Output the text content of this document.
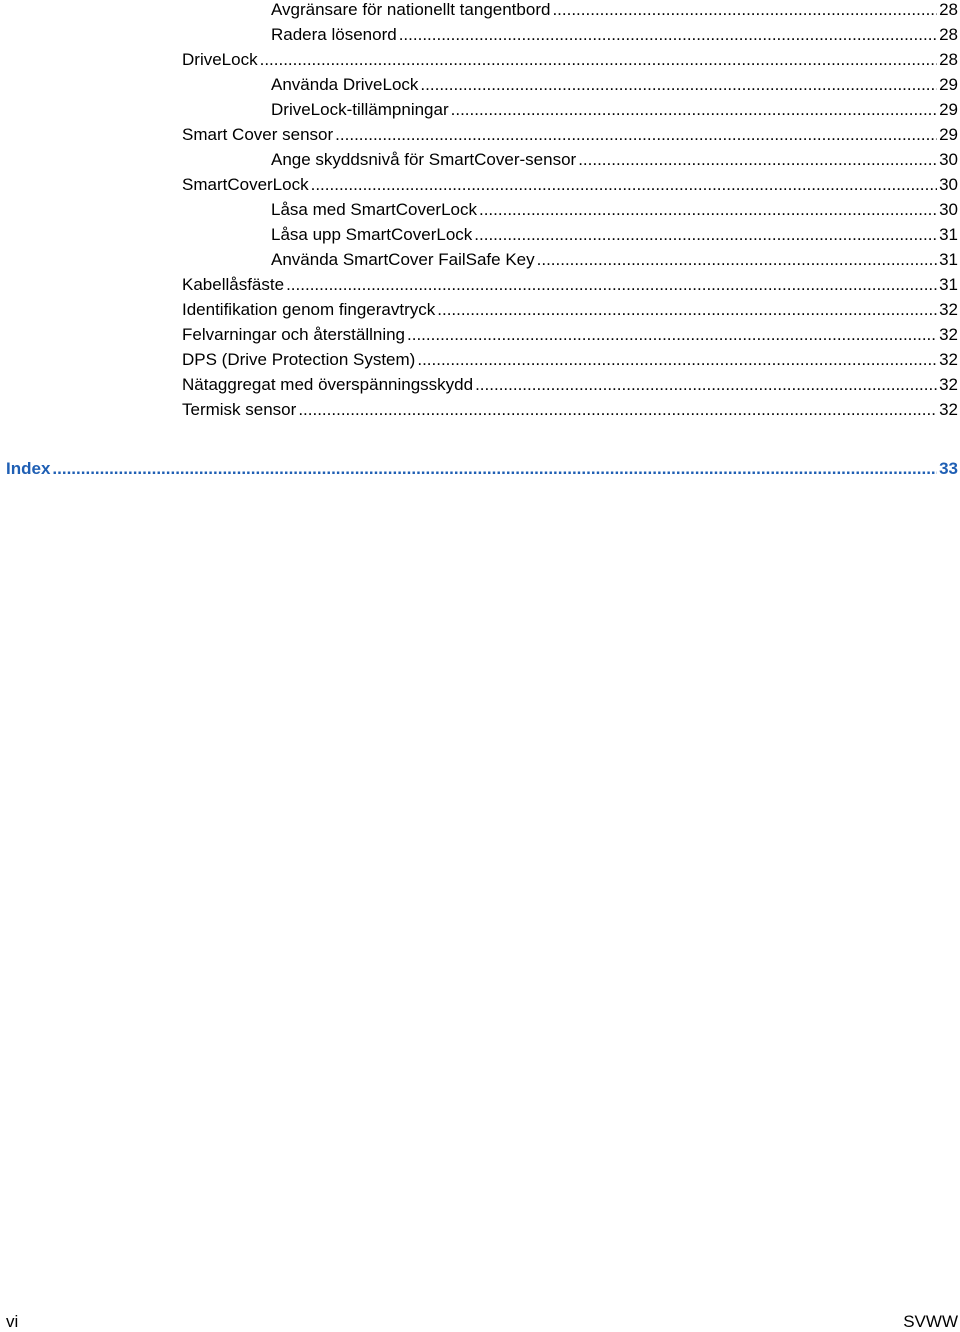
Avgränsare för nationellt tangentbord .....	28
Radera lösenord .....	28
DriveLock .....	28
Använda DriveLock .....	29
DriveLock-tillämpningar .....	29
Smart Cover sensor .....	29
Ange skyddsnivå för SmartCover-sensor .....	30
SmartCoverLock .....	30
Låsa med SmartCoverLock .....	30
Låsa upp SmartCoverLock .....	31
Använda SmartCover FailSafe Key .....	31
Kabellåsfäste .....	31
Identifikation genom fingeravtryck .....	32
Felvarningar och återställning .....	32
DPS (Drive Protection System) .....	32
Nätaggregat med överspänningsskydd .....	32
Termisk sensor .....	32
Index .....	33
vi	SVWW
